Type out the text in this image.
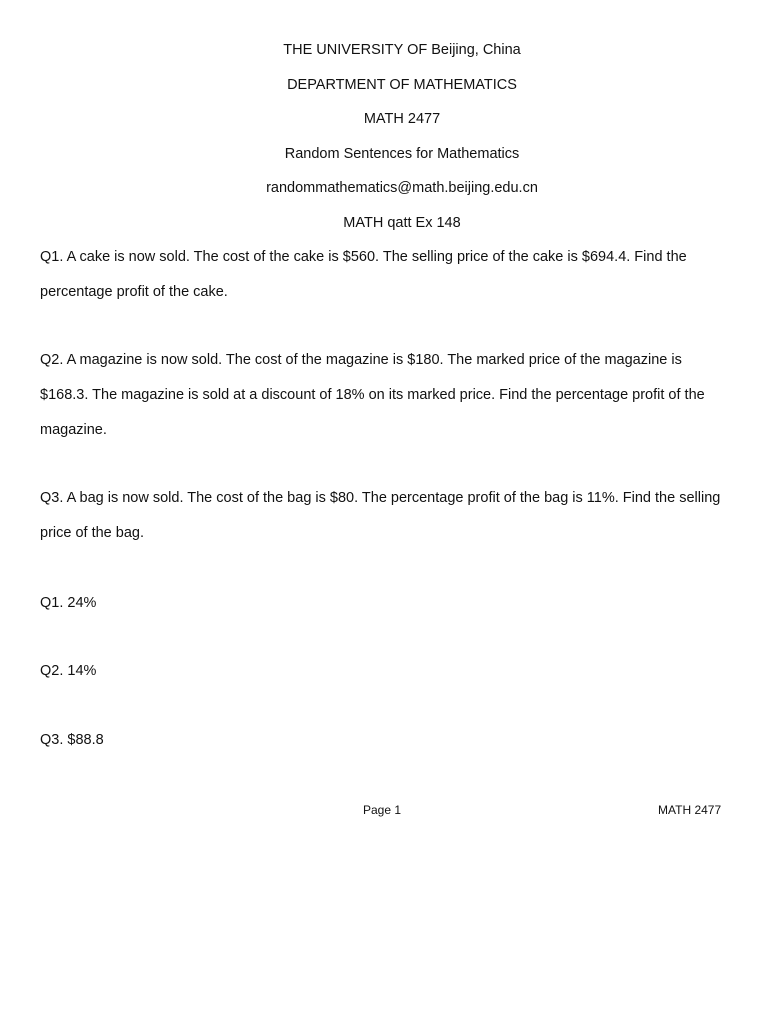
THE UNIVERSITY OF Beijing, China
DEPARTMENT OF MATHEMATICS
MATH 2477
Random Sentences for Mathematics
randommathematics@math.beijing.edu.cn
MATH qatt Ex 148
Q1. A cake is now sold. The cost of the cake is $560. The selling price of the cake is $694.4. Find the percentage profit of the cake.
Q2. A magazine is now sold. The cost of the magazine is $180. The marked price of the magazine is $168.3. The magazine is sold at a discount of 18% on its marked price. Find the percentage profit of the magazine.
Q3. A bag is now sold. The cost of the bag is $80. The percentage profit of the bag is 11%. Find the selling price of the bag.
Q1. 24%
Q2. 14%
Q3. $88.8
Page 1	MATH 2477
